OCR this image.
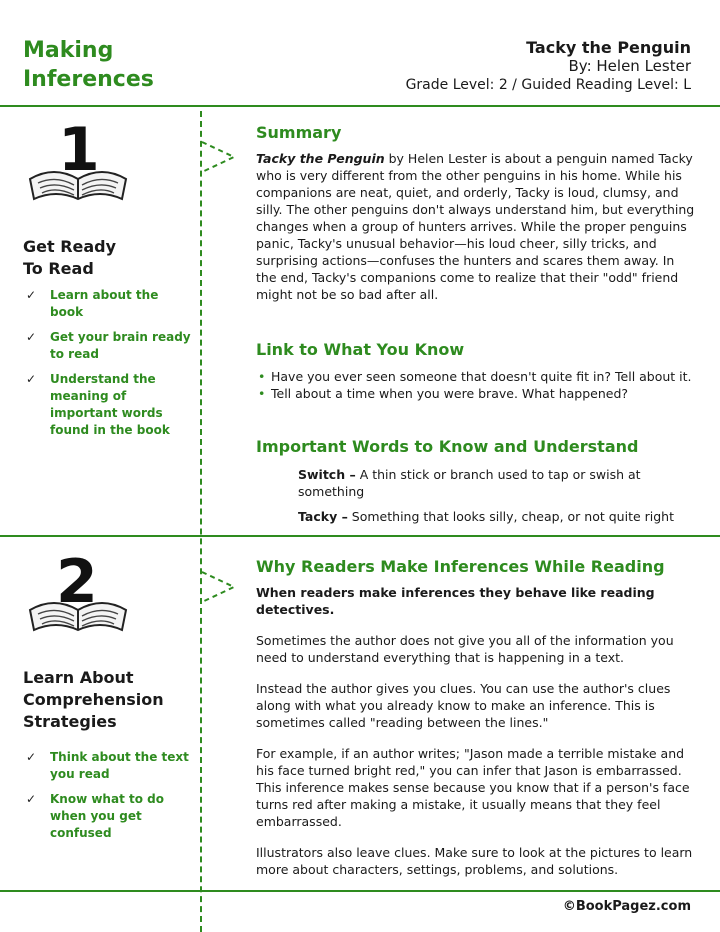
Making
Inferences
Tacky the Penguin
By: Helen Lester
Grade Level: 2 / Guided Reading Level: L
1
Get Ready
To Read
✓ Learn about the book
✓ Get your brain ready to read
✓ Understand the meaning of important words found in the book
2
Learn About
Comprehension
Strategies
✓ Think about the text you read
✓ Know what to do when you get confused
Summary

Tacky the Penguin by Helen Lester is about a penguin named Tacky who is very different from the other penguins in his home. While his companions are neat, quiet, and orderly, Tacky is loud, clumsy, and silly. The other penguins don't always understand him, but everything changes when a group of hunters arrives. While the proper penguins panic, Tacky's unusual behavior—his loud cheer, silly tricks, and surprising actions—confuses the hunters and scares them away. In the end, Tacky's companions come to realize that their "odd" friend might not be so bad after all.

Link to What You Know
• Have you ever seen someone that doesn't quite fit in? Tell about it.
• Tell about a time when you were brave. What happened?
Important Words to Know and Understand

Switch – A thin stick or branch used to tap or swish at something

Tacky – Something that looks silly, cheap, or not quite right

Why Readers Make Inferences While Reading

When readers make inferences they behave like reading detectives.

Sometimes the author does not give you all of the information you need to understand everything that is happening in a text.

Instead the author gives you clues. You can use the author's clues along with what you already know to make an inference. This is sometimes called "reading between the lines."

For example, if an author writes; "Jason made a terrible mistake and his face turned bright red," you can infer that Jason is embarrassed. This inference makes sense because you know that if a person's face turns red after making a mistake, it usually means that they feel embarrassed.

Illustrators also leave clues. Make sure to look at the pictures to learn more about characters, settings, problems, and solutions.

©BookPagez.com
